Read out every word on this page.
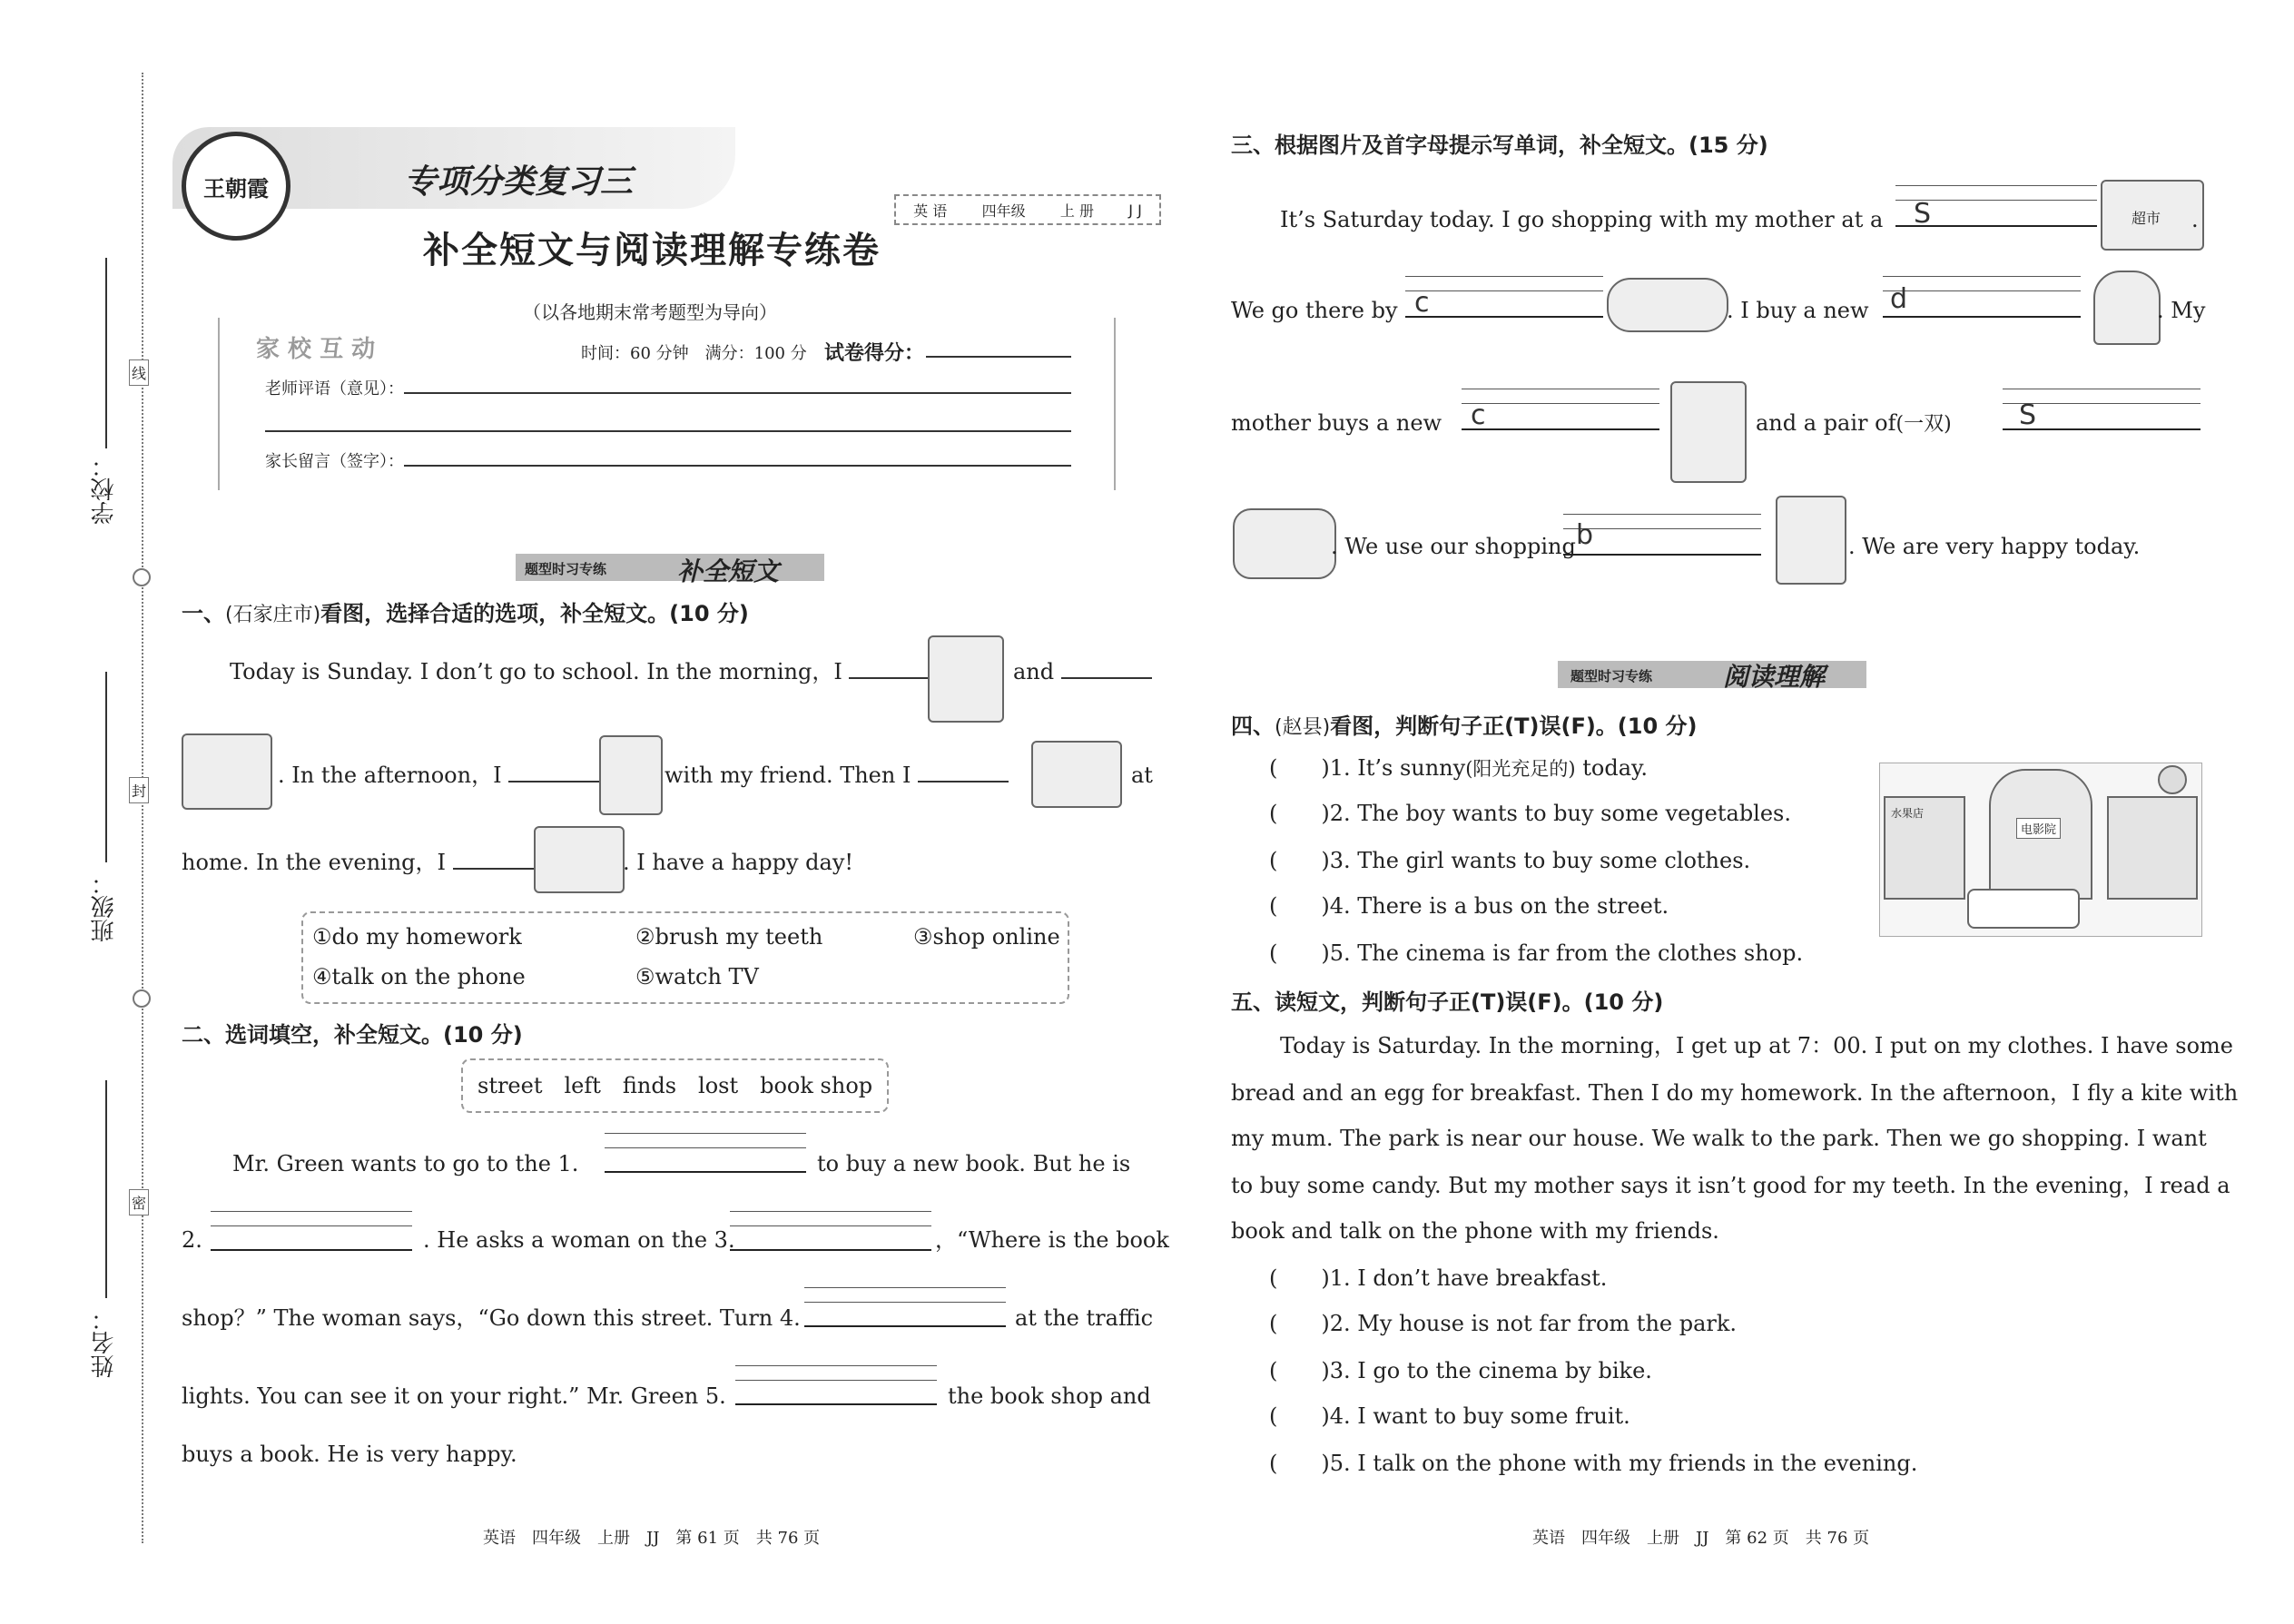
学校：
班级：
姓名：
线
封
密
王朝霞	专项分类复习三
英 语 四年级 上 册 J J
补全短文与阅读理解专练卷
（以各地期末常考题型为导向）
家 校 互 动	时间：60 分钟　满分：100 分 试卷得分：
老师评语（意见）：
家长留言（签字）：
题型时习专练	补全短文
一、(石家庄市)看图，选择合适的选项，补全短文。(10 分)
Today is Sunday. I don’t go to school. In the morning，I	and
. In the afternoon，I	with my friend. Then I	at
home. In the evening，I	. I have a happy day!
①do my homework	②brush my teeth	③shop online
④talk on the phone	⑤watch TV
二、选词填空，补全短文。(10 分)
street　left　finds　lost　book shop
Mr. Green wants to go to the 1.	to buy a new book. But he is
2.	. He asks a woman on the 3.	，“Where is the book
shop？” The woman says，“Go down this street. Turn 4.	at the traffic
lights. You can see it on your right.” Mr. Green 5.	the book shop and
buys a book. He is very happy.
英语　四年级　上册　JJ　第 61 页　共 76 页
三、根据图片及首字母提示写单词，补全短文。(15 分)
It’s Saturday today. I go shopping with my mother at a S	超市 .
We go there by c	. I buy a new d	. My
mother buys a new c	and a pair of(一双) S
. We use our shopping b	. We are very happy today.
题型时习专练	阅读理解
四、(赵县)看图，判断句子正(T)误(F)。(10 分)
(　　)1. It’s sunny(阳光充足的) today.
(　　)2. The boy wants to buy some vegetables.
(　　)3. The girl wants to buy some clothes.
(　　)4. There is a bus on the street.
(　　)5. The cinema is far from the clothes shop.
水果店
电影院
五、读短文，判断句子正(T)误(F)。(10 分)
Today is Saturday. In the morning，I get up at 7：00. I put on my clothes. I have some
bread and an egg for breakfast. Then I do my homework. In the afternoon，I fly a kite with
my mum. The park is near our house. We walk to the park. Then we go shopping. I want
to buy some candy. But my mother says it isn’t good for my teeth. In the evening，I read a
book and talk on the phone with my friends.
(　　)1. I don’t have breakfast.
(　　)2. My house is not far from the park.
(　　)3. I go to the cinema by bike.
(　　)4. I want to buy some fruit.
(　　)5. I talk on the phone with my friends in the evening.
英语　四年级　上册　JJ　第 62 页　共 76 页
